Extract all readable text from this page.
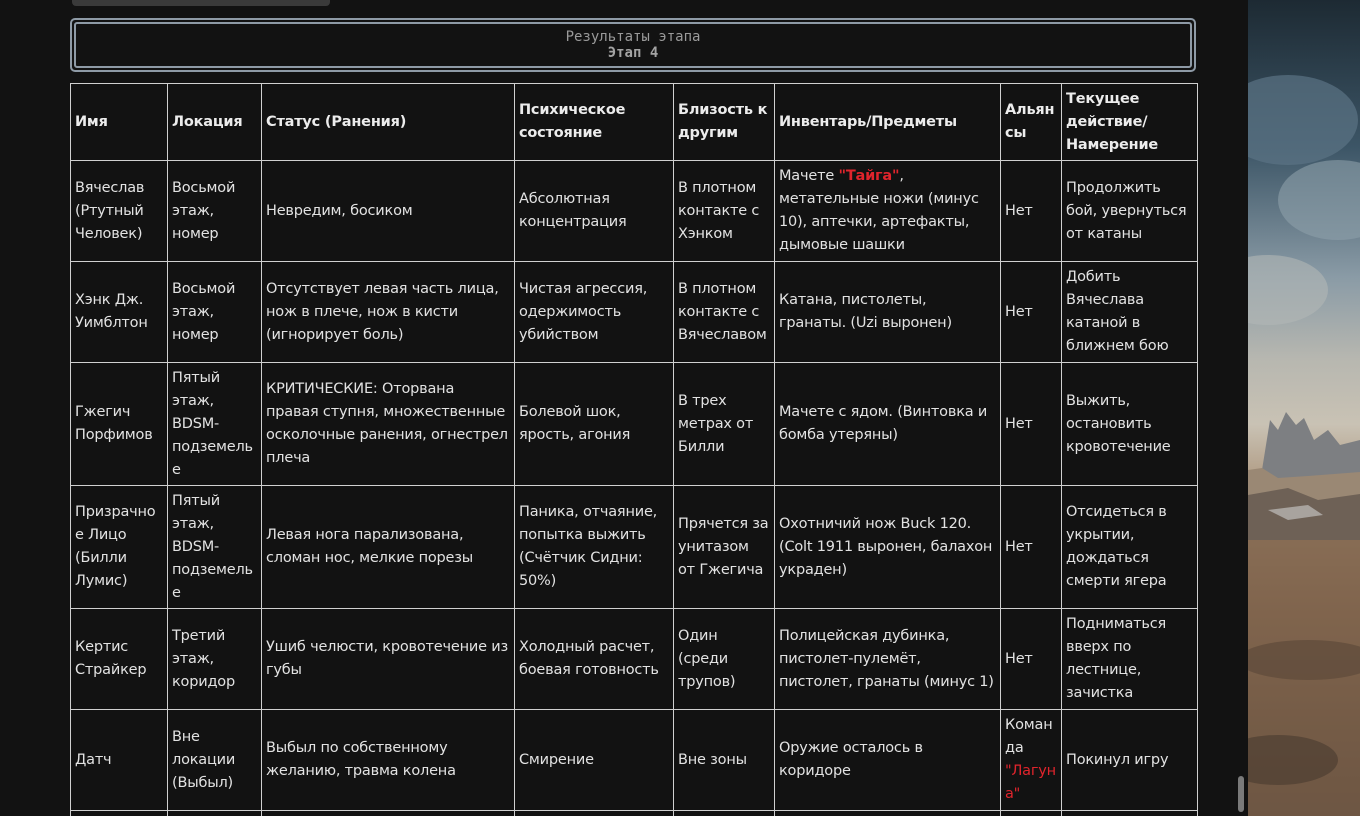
Результаты этапа
Этап 4
Имя	Локация	Статус (Ранения)	Психическое состояние	Близость к другим	Инвентарь/Предметы	Альянсы	Текущее действие/ Намерение
Вячеслав (Ртутный Человек)	Восьмой этаж, номер	Невредим, босиком	Абсолютная концентрация	В плотном контакте с Хэнком	Мачете "Тайга", метательные ножи (минус 10), аптечки, артефакты, дымовые шашки	Нет	Продолжить бой, увернуться от катаны
Хэнк Дж. Уимблтон	Восьмой этаж, номер	Отсутствует левая часть лица, нож в плече, нож в кисти (игнорирует боль)	Чистая агрессия, одержимость убийством	В плотном контакте с Вячеславом	Катана, пистолеты, гранаты. (Uzi выронен)	Нет	Добить Вячеслава катаной в ближнем бою
Гжегич Порфимов	Пятый этаж, BDSM-подземелье	КРИТИЧЕСКИЕ: Оторвана правая ступня, множественные осколочные ранения, огнестрел плеча	Болевой шок, ярость, агония	В трех метрах от Билли	Мачете с ядом. (Винтовка и бомба утеряны)	Нет	Выжить, остановить кровотечение
Призрачное Лицо (Билли Лумис)	Пятый этаж, BDSM-подземелье	Левая нога парализована, сломан нос, мелкие порезы	Паника, отчаяние, попытка выжить (Счётчик Сидни: 50%)	Прячется за унитазом от Гжегича	Охотничий нож Buck 120. (Colt 1911 выронен, балахон украден)	Нет	Отсидеться в укрытии, дождаться смерти ягера
Кертис Страйкер	Третий этаж, коридор	Ушиб челюсти, кровотечение из губы	Холодный расчет, боевая готовность	Один (среди трупов)	Полицейская дубинка, пистолет-пулемёт, пистолет, гранаты (минус 1)	Нет	Подниматься вверх по лестнице, зачистка
Датч	Вне локации (Выбыл)	Выбыл по собственному желанию, травма колена	Смирение	Вне зоны	Оружие осталось в коридоре	Команда "Лагуна"	Покинул игру
